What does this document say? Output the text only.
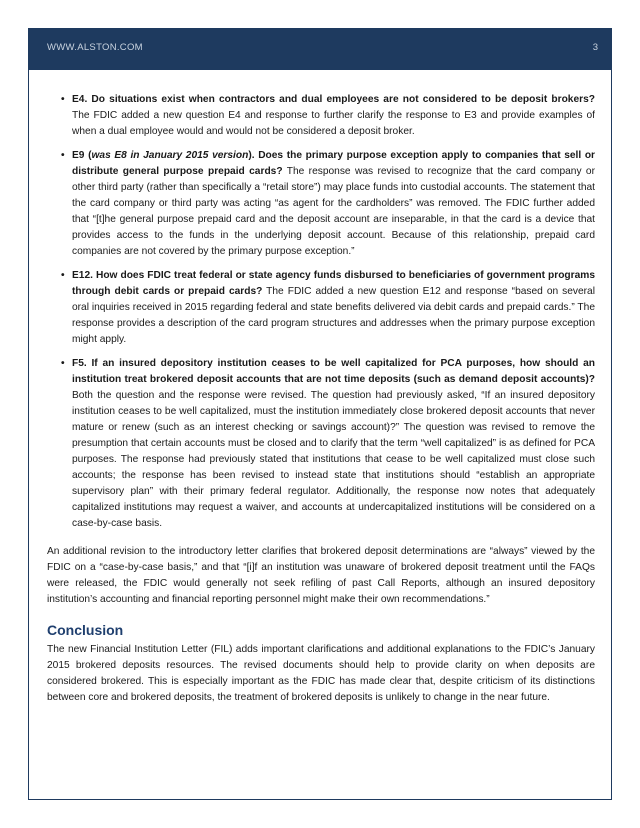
WWW.ALSTON.COM	3
• E4. Do situations exist when contractors and dual employees are not considered to be deposit brokers? The FDIC added a new question E4 and response to further clarify the response to E3 and provide examples of when a dual employee would and would not be considered a deposit broker.
• E9 (was E8 in January 2015 version). Does the primary purpose exception apply to companies that sell or distribute general purpose prepaid cards? The response was revised to recognize that the card company or other third party (rather than specifically a “retail store”) may place funds into custodial accounts. The statement that the card company or third party was acting “as agent for the cardholders” was removed. The FDIC further added that “[t]he general purpose prepaid card and the deposit account are inseparable, in that the card is a device that provides access to the funds in the underlying deposit account. Because of this relationship, prepaid card companies are not covered by the primary purpose exception.”
• E12. How does FDIC treat federal or state agency funds disbursed to beneficiaries of government programs through debit cards or prepaid cards? The FDIC added a new question E12 and response “based on several oral inquiries received in 2015 regarding federal and state benefits delivered via debit cards and prepaid cards.” The response provides a description of the card program structures and addresses when the primary purpose exception might apply.
• F5. If an insured depository institution ceases to be well capitalized for PCA purposes, how should an institution treat brokered deposit accounts that are not time deposits (such as demand deposit accounts)? Both the question and the response were revised. The question had previously asked, “If an insured depository institution ceases to be well capitalized, must the institution immediately close brokered deposit accounts that never mature or renew (such as an interest checking or savings account)?” The question was revised to remove the presumption that certain accounts must be closed and to clarify that the term “well capitalized” is as defined for PCA purposes. The response had previously stated that institutions that cease to be well capitalized must close such accounts; the response has been revised to instead state that institutions should “establish an appropriate supervisory plan” with their primary federal regulator. Additionally, the response now notes that adequately capitalized institutions may request a waiver, and accounts at undercapitalized institutions will be considered on a case-by-case basis.

An additional revision to the introductory letter clarifies that brokered deposit determinations are “always” viewed by the FDIC on a “case-by-case basis,” and that “[i]f an institution was unaware of brokered deposit treatment until the FAQs were released, the FDIC would generally not seek refiling of past Call Reports, although an insured depository institution’s accounting and financial reporting personnel might make their own recommendations.”

Conclusion

The new Financial Institution Letter (FIL) adds important clarifications and additional explanations to the FDIC’s January 2015 brokered deposits resources. The revised documents should help to provide clarity on when deposits are considered brokered. This is especially important as the FDIC has made clear that, despite criticism of its distinctions between core and brokered deposits, the treatment of brokered deposits is unlikely to change in the near future.
